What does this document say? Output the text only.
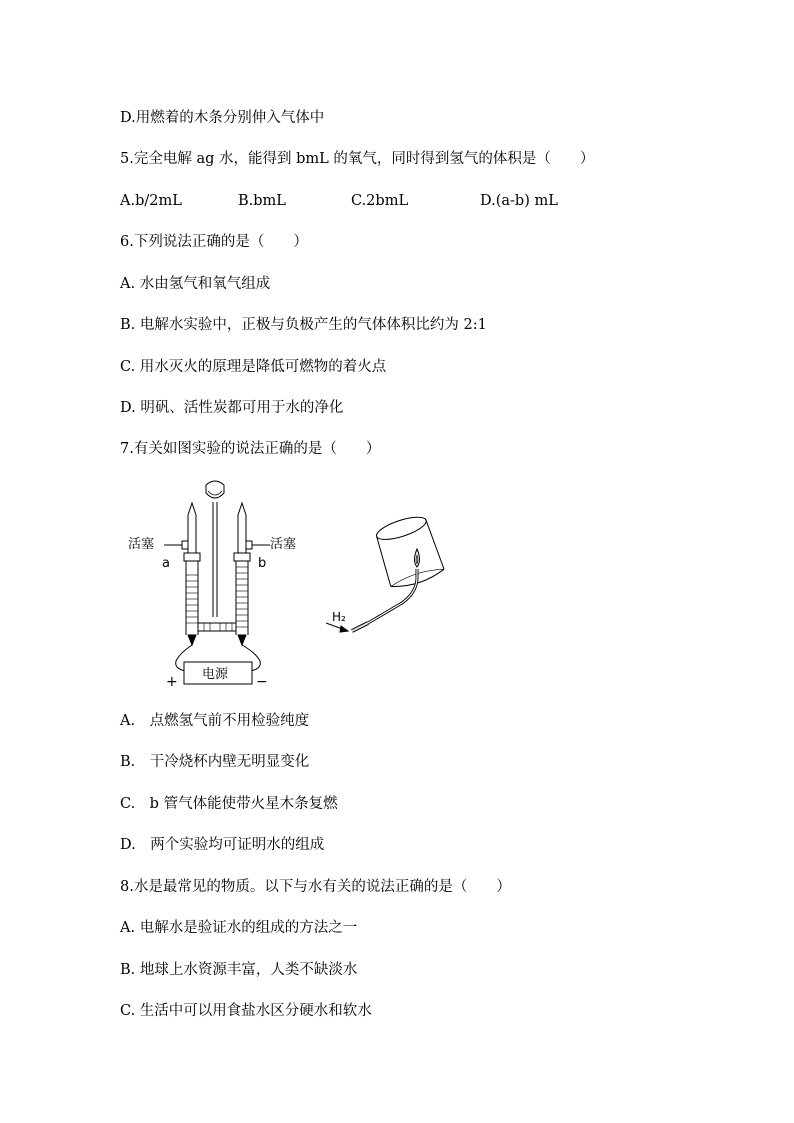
D.用燃着的木条分别伸入气体中
5.完全电解 ag 水，能得到 bmL 的氧气，同时得到氢气的体积是（　　）
A.b/2mL	B.bmL	C.2bmL	D.(a-b) mL
6.下列说法正确的是（　　）
A. 水由氢气和氧气组成
B. 电解水实验中，正极与负极产生的气体体积比约为 2:1
C. 用水灭火的原理是降低可燃物的着火点
D. 明矾、活性炭都可用于水的净化
7.有关如图实验的说法正确的是（　　）
活塞	活塞
a	b
电源
+	−
H₂
A.　点燃氢气前不用检验纯度
B.　干冷烧杯内壁无明显变化
C.　b 管气体能使带火星木条复燃
D.　两个实验均可证明水的组成
8.水是最常见的物质。以下与水有关的说法正确的是（　　）
A. 电解水是验证水的组成的方法之一
B. 地球上水资源丰富，人类不缺淡水
C. 生活中可以用食盐水区分硬水和软水
